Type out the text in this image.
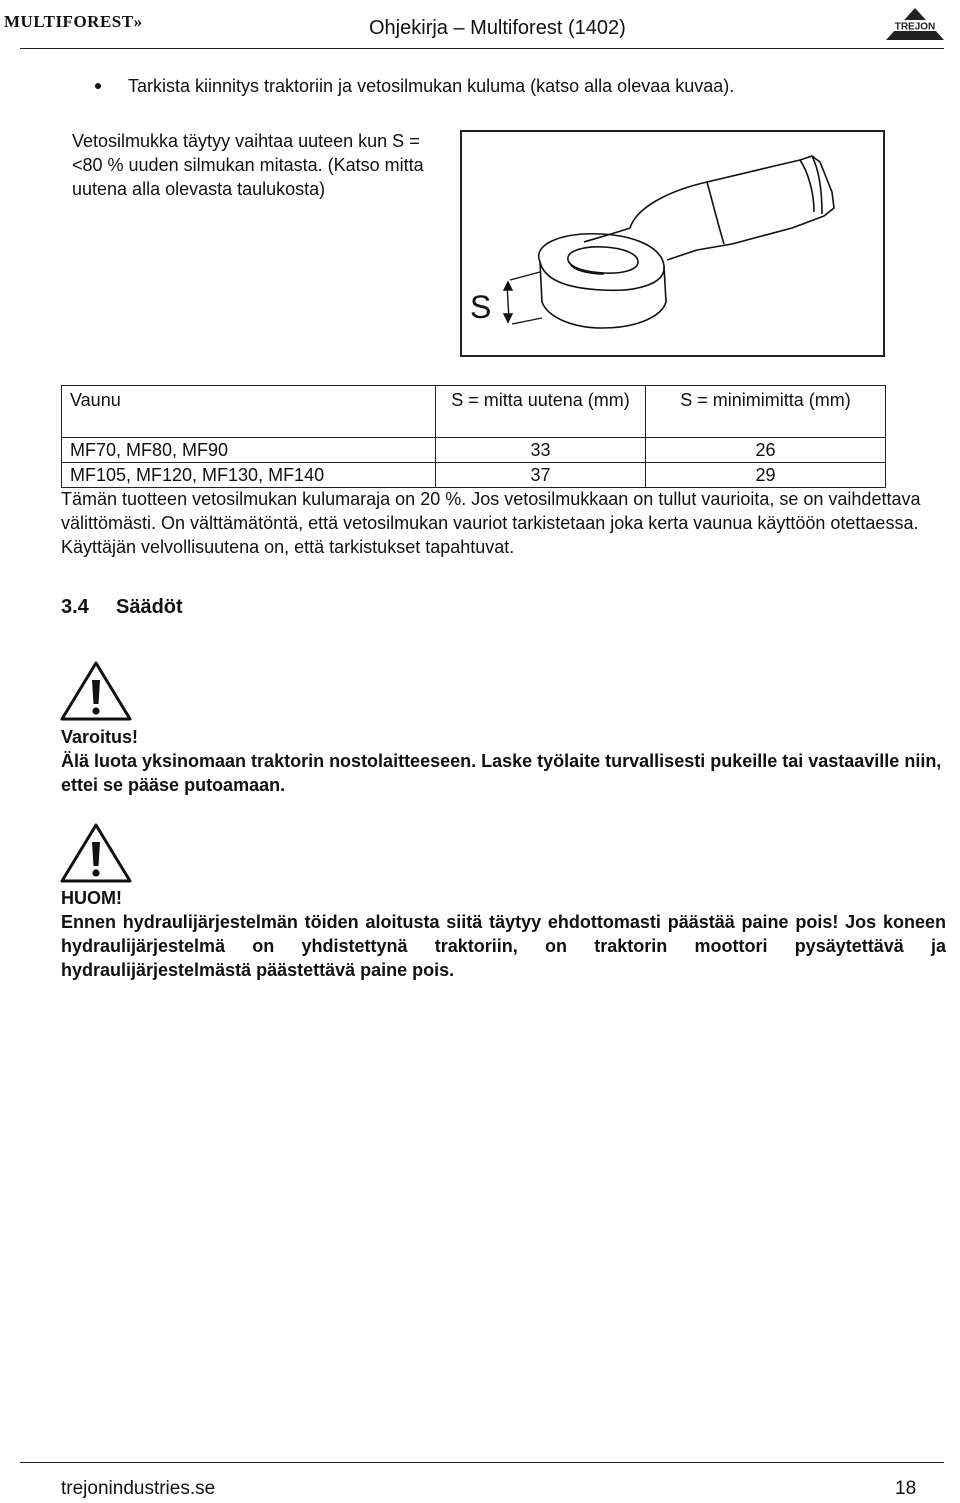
MULTIFOREST»	Ohjekirja – Multiforest (1402)	TREJON
Tarkista kiinnitys traktoriin ja vetosilmukan kuluma (katso alla olevaa kuvaa).
Vetosilmukka täytyy vaihtaa uuteen kun S = <80 % uuden silmukan mitasta. (Katso mitta uutena alla olevasta taulukosta)
S
Vaunu	S = mitta uutena (mm)	S = minimimitta (mm)
MF70, MF80, MF90	33	26
MF105, MF120, MF130, MF140	37	29
Tämän tuotteen vetosilmukan kulumaraja on 20 %. Jos vetosilmukkaan on tullut vaurioita, se on vaihdettava välittömästi. On välttämätöntä, että vetosilmukan vauriot tarkistetaan joka kerta vaunua käyttöön otettaessa. Käyttäjän velvollisuutena on, että tarkistukset tapahtuvat.
3.4 Säädöt
Varoitus!
Älä luota yksinomaan traktorin nostolaitteeseen. Laske työlaite turvallisesti pukeille tai vastaaville niin, ettei se pääse putoamaan.
HUOM!
Ennen hydraulijärjestelmän töiden aloitusta siitä täytyy ehdottomasti päästää paine pois! Jos koneen hydraulijärjestelmä on yhdistettynä traktoriin, on traktorin moottori pysäytettävä ja hydraulijärjestelmästä päästettävä paine pois.
trejonindustries.se	18
